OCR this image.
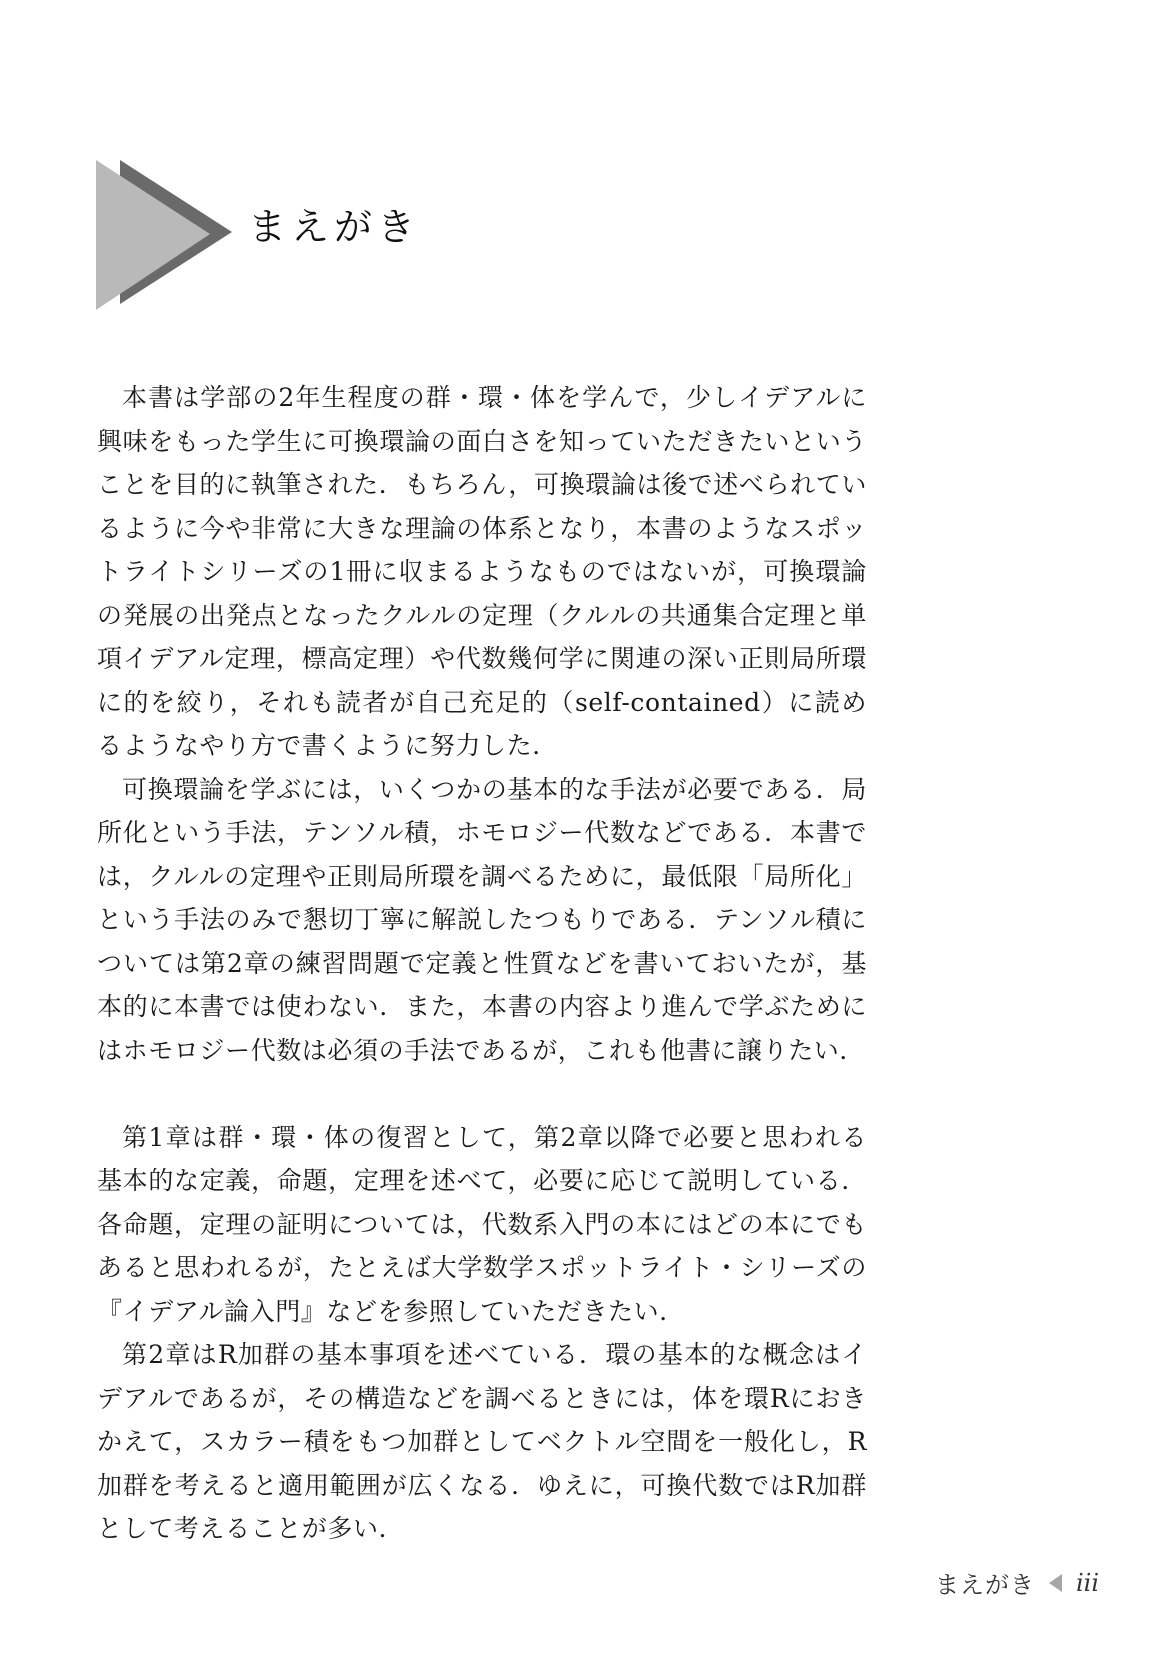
まえがき

本書は学部の2年生程度の群・環・体を学んで，少しイデアルに興味をもった学生に可換環論の面白さを知っていただきたいということを目的に執筆された．もちろん，可換環論は後で述べられているように今や非常に大きな理論の体系となり，本書のようなスポットライトシリーズの1冊に収まるようなものではないが，可換環論の発展の出発点となったクルルの定理（クルルの共通集合定理と単項イデアル定理，標高定理）や代数幾何学に関連の深い正則局所環に的を絞り，それも読者が自己充足的（self-contained）に読めるようなやり方で書くように努力した．

可換環論を学ぶには，いくつかの基本的な手法が必要である．局所化という手法，テンソル積，ホモロジー代数などである．本書では，クルルの定理や正則局所環を調べるために，最低限「局所化」という手法のみで懇切丁寧に解説したつもりである．テンソル積については第2章の練習問題で定義と性質などを書いておいたが，基本的に本書では使わない．また，本書の内容より進んで学ぶためにはホモロジー代数は必須の手法であるが，これも他書に譲りたい．

第1章は群・環・体の復習として，第2章以降で必要と思われる基本的な定義，命題，定理を述べて，必要に応じて説明している．各命題，定理の証明については，代数系入門の本にはどの本にでもあると思われるが，たとえば大学数学スポットライト・シリーズの『イデアル論入門』などを参照していただきたい．

第2章はR加群の基本事項を述べている．環の基本的な概念はイデアルであるが，その構造などを調べるときには，体を環Rにおきかえて，スカラー積をもつ加群としてベクトル空間を一般化し，R加群を考えると適用範囲が広くなる．ゆえに，可換代数ではR加群として考えることが多い．

まえがき iii
